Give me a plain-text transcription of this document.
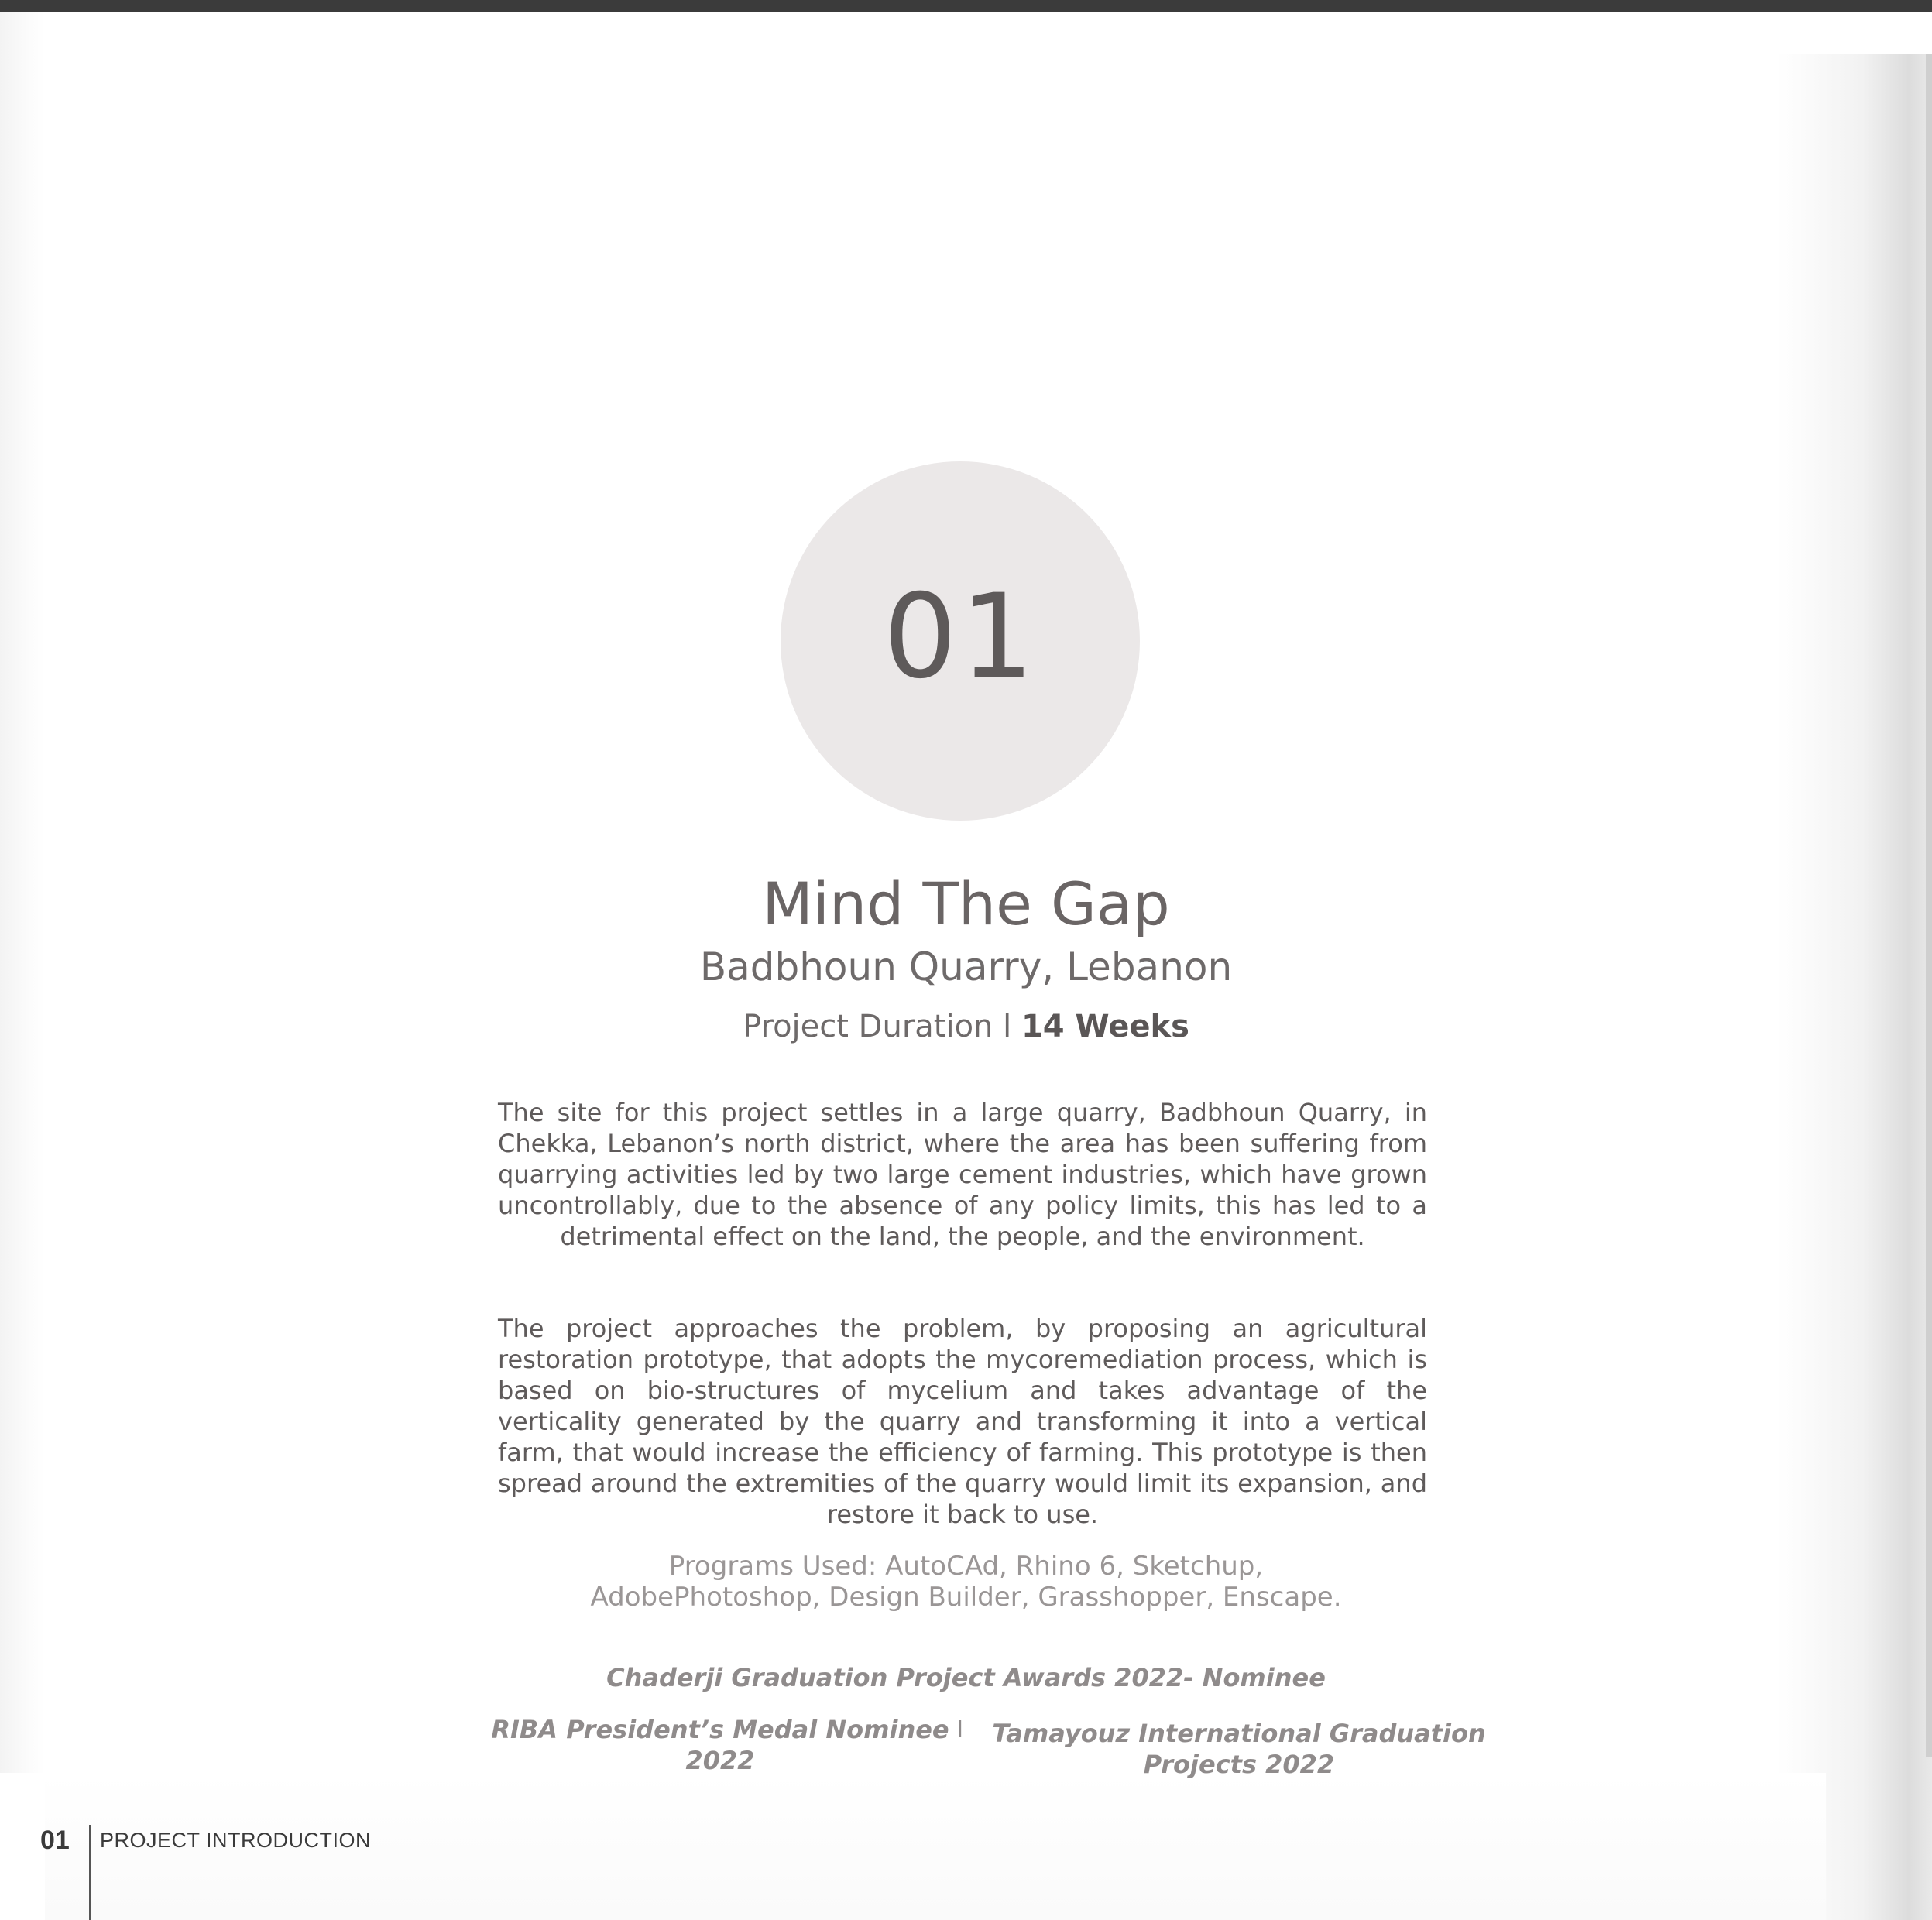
01
Mind The Gap
Badbhoun Quarry, Lebanon
Project Duration l 14 Weeks
The site for this project settles in a large quarry, Badbhoun Quarry, in Chekka, Lebanon’s north district, where the area has been suffering from quarrying activities led by two large cement industries, which have grown uncontrollably, due to the absence of any policy limits, this has led to a detrimental effect on the land, the people, and the environment.
The project approaches the problem, by proposing an agricultural restoration prototype, that adopts the mycoremediation process, which is based on bio-structures of mycelium and takes advantage of the verticality generated by the quarry and transforming it into a vertical farm, that would increase the efficiency of farming. This prototype is then spread around the extremities of the quarry would limit its expansion, and restore it back to use.
Programs Used: AutoCAd, Rhino 6, Sketchup,
AdobePhotoshop, Design Builder, Grasshopper, Enscape.
Chaderji Graduation Project Awards 2022- Nominee
RIBA President’s Medal Nominee
2022
l	Tamayouz International Graduation
Projects 2022
01 PROJECT INTRODUCTION
